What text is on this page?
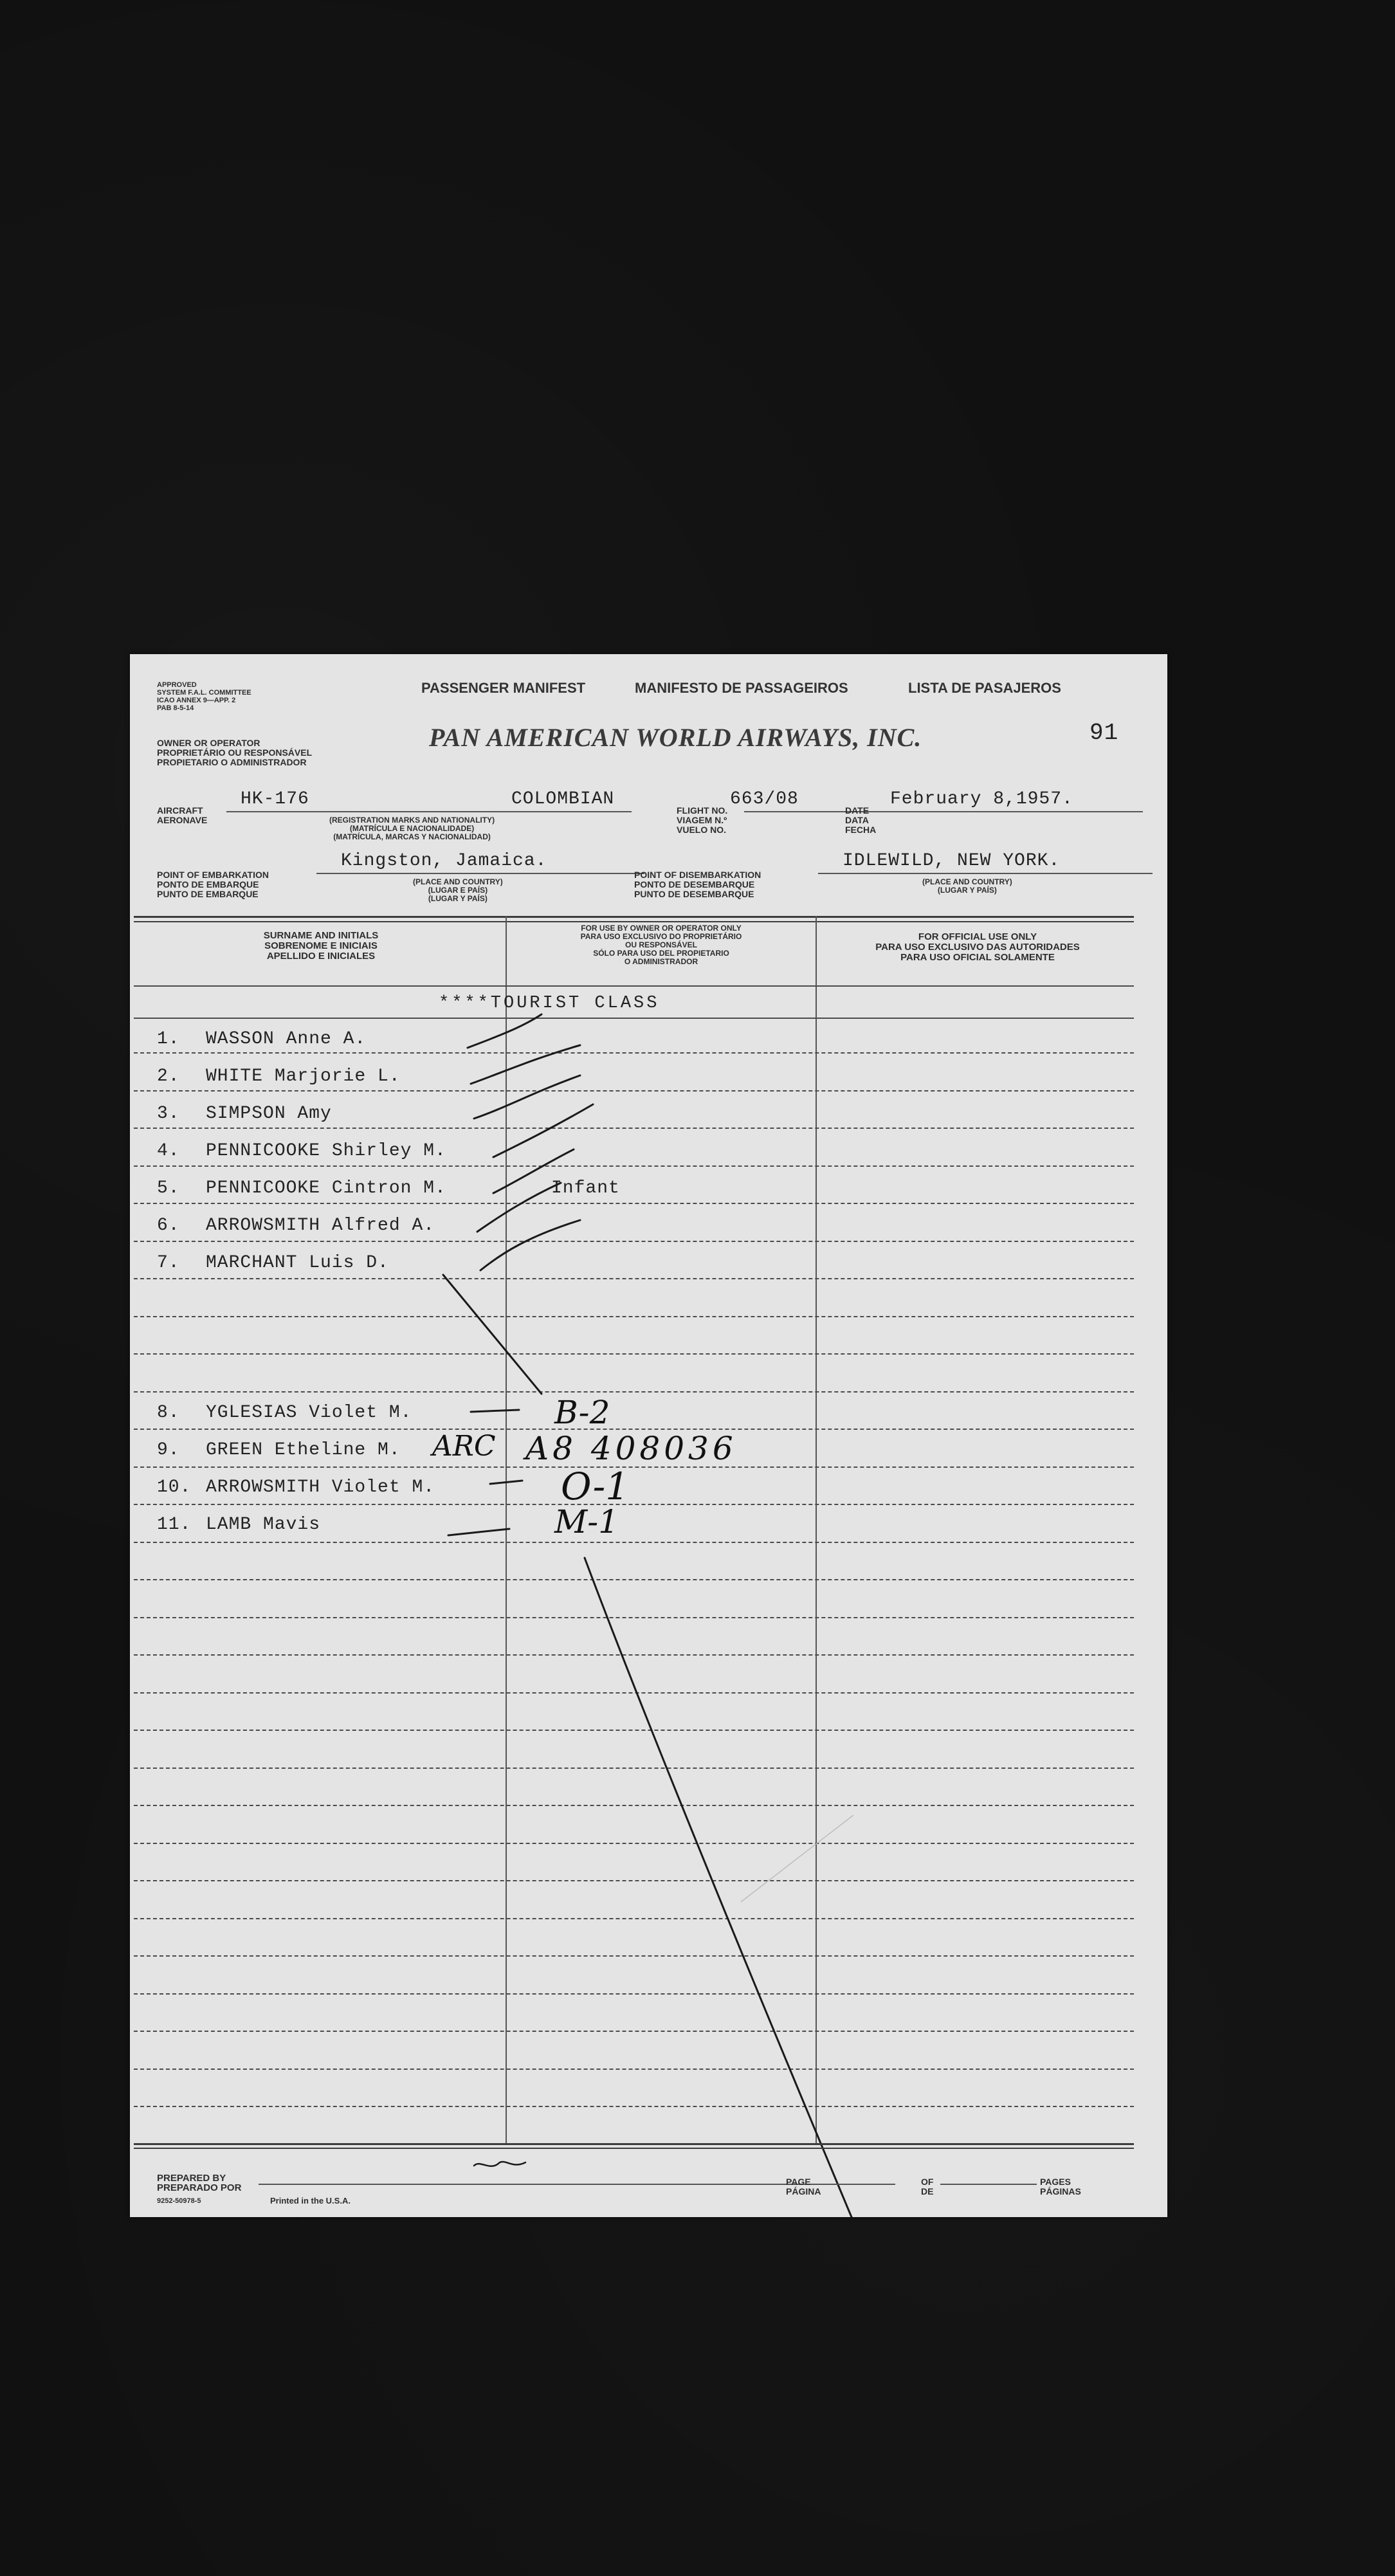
APPROVED
SYSTEM F.A.L. COMMITTEE
ICAO ANNEX 9—APP. 2
PAB 8-5-14
PASSENGER MANIFEST	MANIFESTO DE PASSAGEIROS	LISTA DE PASAJEROS
OWNER OR OPERATOR
PROPRIETÁRIO OU RESPONSÁVEL
PROPIETARIO O ADMINISTRADOR
PAN AMERICAN WORLD AIRWAYS, INC.	91
AIRCRAFT
AERONAVE
HK-176	COLOMBIAN
(REGISTRATION MARKS AND NATIONALITY)
(MATRÍCULA E NACIONALIDADE)
(MATRÍCULA, MARCAS Y NACIONALIDAD)
FLIGHT NO.
VIAGEM N.º
VUELO NO.
663/08
DATE
DATA
FECHA
February 8,1957.
POINT OF EMBARKATION
PONTO DE EMBARQUE
PUNTO DE EMBARQUE
Kingston, Jamaica.
(PLACE AND COUNTRY)
(LUGAR E PAÍS)
(LUGAR Y PAÍS)
POINT OF DISEMBARKATION
PONTO DE DESEMBARQUE
PUNTO DE DESEMBARQUE
IDLEWILD, NEW YORK.
(PLACE AND COUNTRY)
(LUGAR Y PAÍS)
SURNAME AND INITIALS
SOBRENOME E INICIAIS
APELLIDO E INICIALES
FOR USE BY OWNER OR OPERATOR ONLY
PARA USO EXCLUSIVO DO PROPRIETÁRIO
OU RESPONSÁVEL
SÓLO PARA USO DEL PROPIETARIO
O ADMINISTRADOR
FOR OFFICIAL USE ONLY
PARA USO EXCLUSIVO DAS AUTORIDADES
PARA USO OFICIAL SOLAMENTE
****TOURIST CLASS
1. WASSON Anne A.
2. WHITE Marjorie L.
3. SIMPSON Amy
4. PENNICOOKE Shirley M.
5. PENNICOOKE Cintron M.	Infant
6. ARROWSMITH Alfred A.
7. MARCHANT Luis D.
8. YGLESIAS Violet M.	B-2
9. GREEN Etheline M. ARC A8 408036
10. ARROWSMITH Violet M.	O-1
11. LAMB Mavis	M-1
PREPARED BY
PREPARADO POR
9252-50978-5	Printed in the U.S.A.
PAGE
PÁGINA
OF
DE
PAGES
PÁGINAS
